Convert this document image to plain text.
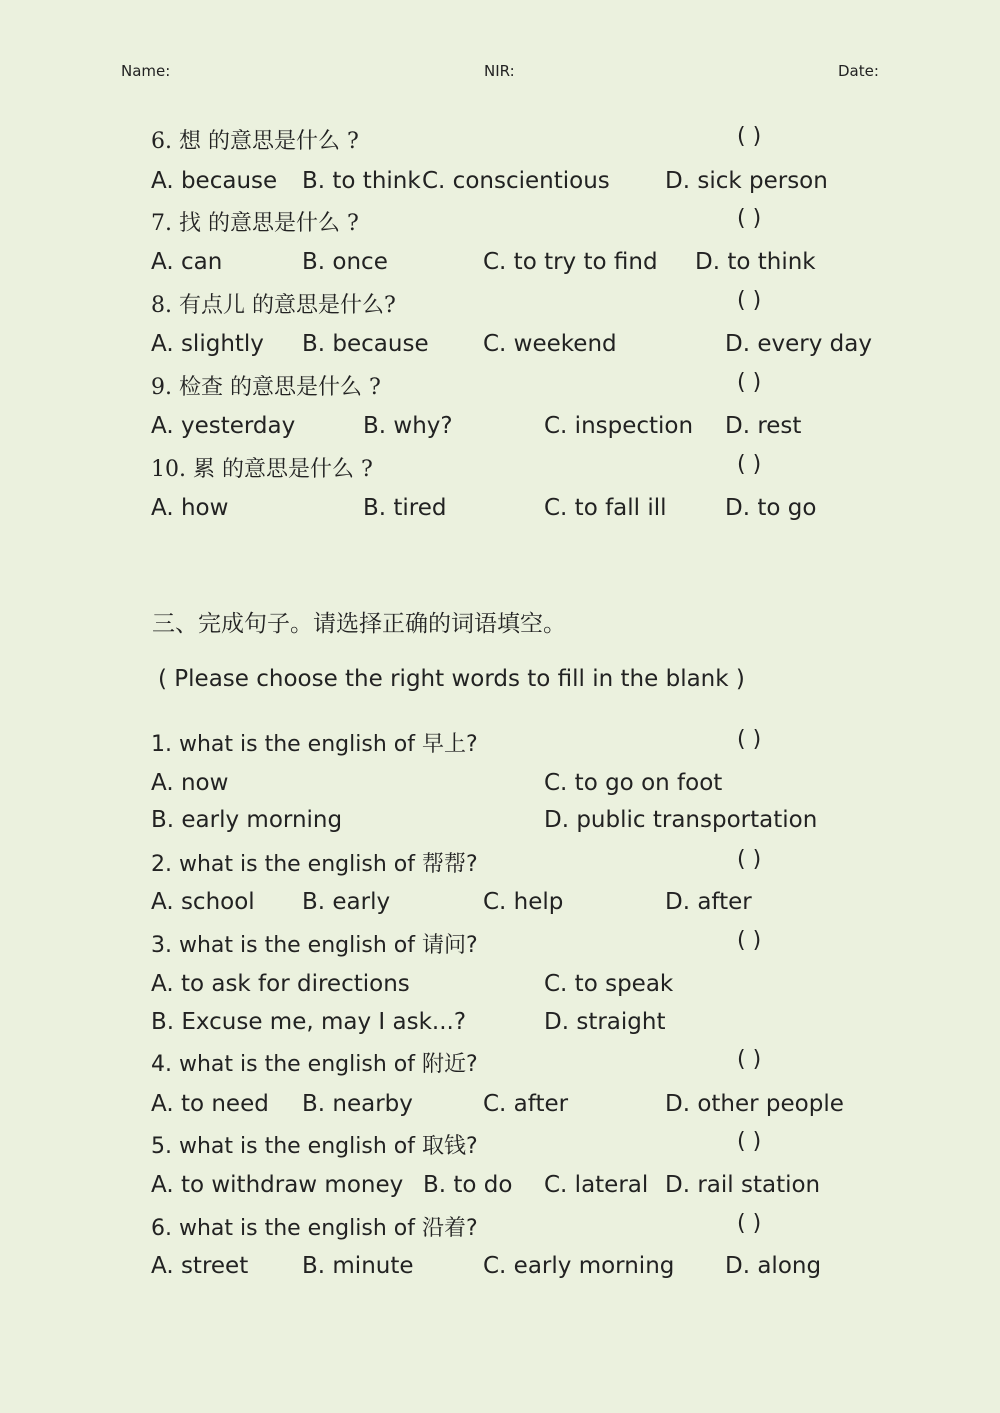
Name:	NIR:	Date:
6. 想 的意思是什么 ?	( )
A. because B. to think C. conscientious D. sick person
7. 找 的意思是什么 ?	( )
A. can	B. once	C. to try to find D. to think
8. 有点儿 的意思是什么?	( )
A. slightly B. because C. weekend	D. every day
9. 检查 的意思是什么 ?	( )
A. yesterday	B. why?	C. inspection D. rest
10. 累 的意思是什么 ?	( )
A. how	B. tired	C. to fall ill	D. to go
三、完成句子。请选择正确的词语填空。
( Please choose the right words to fill in the blank )
1. what is the english of 早上?	( )
A. now	C. to go on foot
B. early morning	D. public transportation
2. what is the english of 帮帮?	( )
A. school B. early	C. help	D. after
3. what is the english of 请问?	( )
A. to ask for directions	C. to speak
B. Excuse me, may I ask...?	D. straight
4. what is the english of 附近?	( )
A. to need B. nearby	C. after	D. other people
5. what is the english of 取钱?	( )
A. to withdraw money B. to do C. lateral D. rail station
6. what is the english of 沿着?	( )
A. street B. minute	C. early morning D. along
